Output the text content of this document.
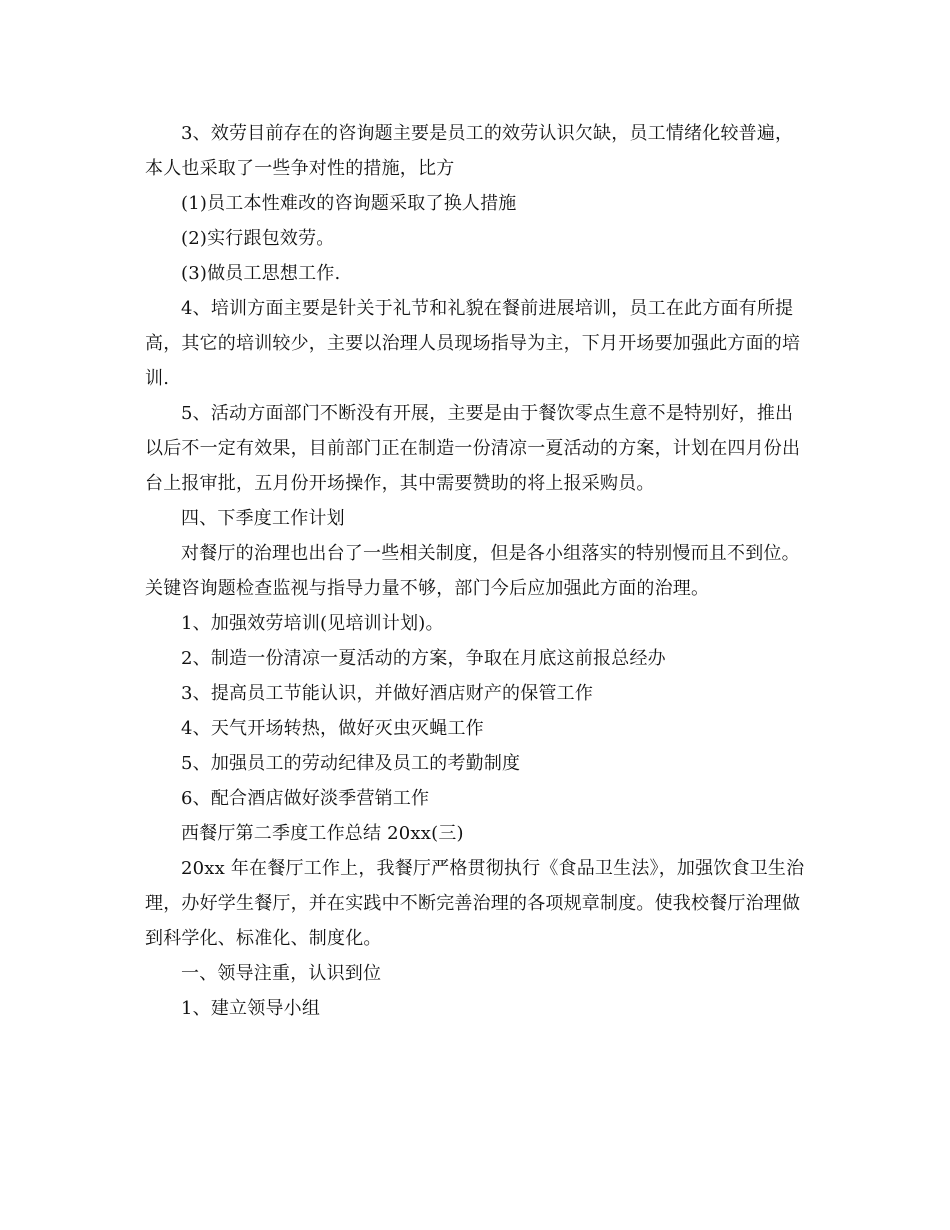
3、效劳目前存在的咨询题主要是员工的效劳认识欠缺，员工情绪化较普遍，本人也采取了一些争对性的措施，比方

(1)员工本性难改的咨询题采取了换人措施

(2)实行跟包效劳。

(3)做员工思想工作.

4、培训方面主要是针关于礼节和礼貌在餐前进展培训，员工在此方面有所提高，其它的培训较少，主要以治理人员现场指导为主，下月开场要加强此方面的培训.

5、活动方面部门不断没有开展，主要是由于餐饮零点生意不是特别好，推出以后不一定有效果，目前部门正在制造一份清凉一夏活动的方案，计划在四月份出台上报审批，五月份开场操作，其中需要赞助的将上报采购员。

四、下季度工作计划

对餐厅的治理也出台了一些相关制度，但是各小组落实的特别慢而且不到位。关键咨询题检查监视与指导力量不够，部门今后应加强此方面的治理。

1、加强效劳培训(见培训计划)。

2、制造一份清凉一夏活动的方案，争取在月底这前报总经办

3、提高员工节能认识，并做好酒店财产的保管工作

4、天气开场转热，做好灭虫灭蝇工作

5、加强员工的劳动纪律及员工的考勤制度

6、配合酒店做好淡季营销工作

西餐厅第二季度工作总结 20xx(三)

20xx 年在餐厅工作上，我餐厅严格贯彻执行《食品卫生法》，加强饮食卫生治理，办好学生餐厅，并在实践中不断完善治理的各项规章制度。使我校餐厅治理做到科学化、标准化、制度化。

一、领导注重，认识到位

1、建立领导小组
